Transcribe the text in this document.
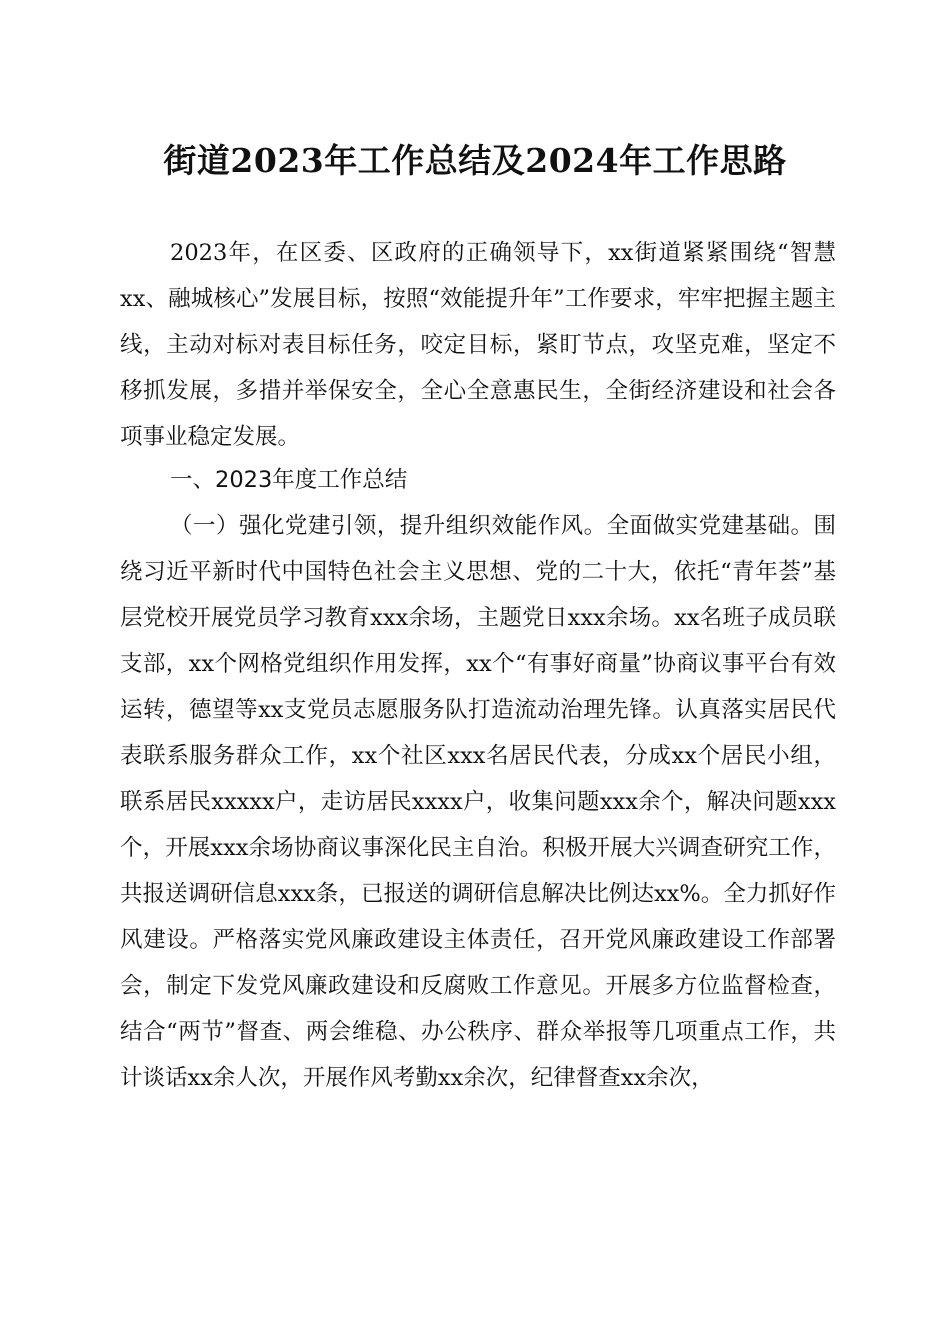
街道2023年工作总结及2024年工作思路
2023年，在区委、区政府的正确领导下，xx街道紧紧围绕“智慧xx、融城核心”发展目标，按照“效能提升年”工作要求，牢牢把握主题主线，主动对标对表目标任务，咬定目标，紧盯节点，攻坚克难，坚定不移抓发展，多措并举保安全，全心全意惠民生，全街经济建设和社会各项事业稳定发展。
一、2023年度工作总结
（一）强化党建引领，提升组织效能作风。全面做实党建基础。围绕习近平新时代中国特色社会主义思想、党的二十大，依托“青年荟”基层党校开展党员学习教育xxx余场，主题党日xxx余场。xx名班子成员联支部，xx个网格党组织作用发挥，xx个“有事好商量”协商议事平台有效运转，德望等xx支党员志愿服务队打造流动治理先锋。认真落实居民代表联系服务群众工作，xx个社区xxx名居民代表，分成xx个居民小组，联系居民xxxxx户，走访居民xxxx户，收集问题xxx余个，解决问题xxx个，开展xxx余场协商议事深化民主自治。积极开展大兴调查研究工作，共报送调研信息xxx条，已报送的调研信息解决比例达xx%。全力抓好作风建设。严格落实党风廉政建设主体责任，召开党风廉政建设工作部署会，制定下发党风廉政建设和反腐败工作意见。开展多方位监督检查，结合“两节”督查、两会维稳、办公秩序、群众举报等几项重点工作，共计谈话xx余人次，开展作风考勤xx余次，纪律督查xx余次，
